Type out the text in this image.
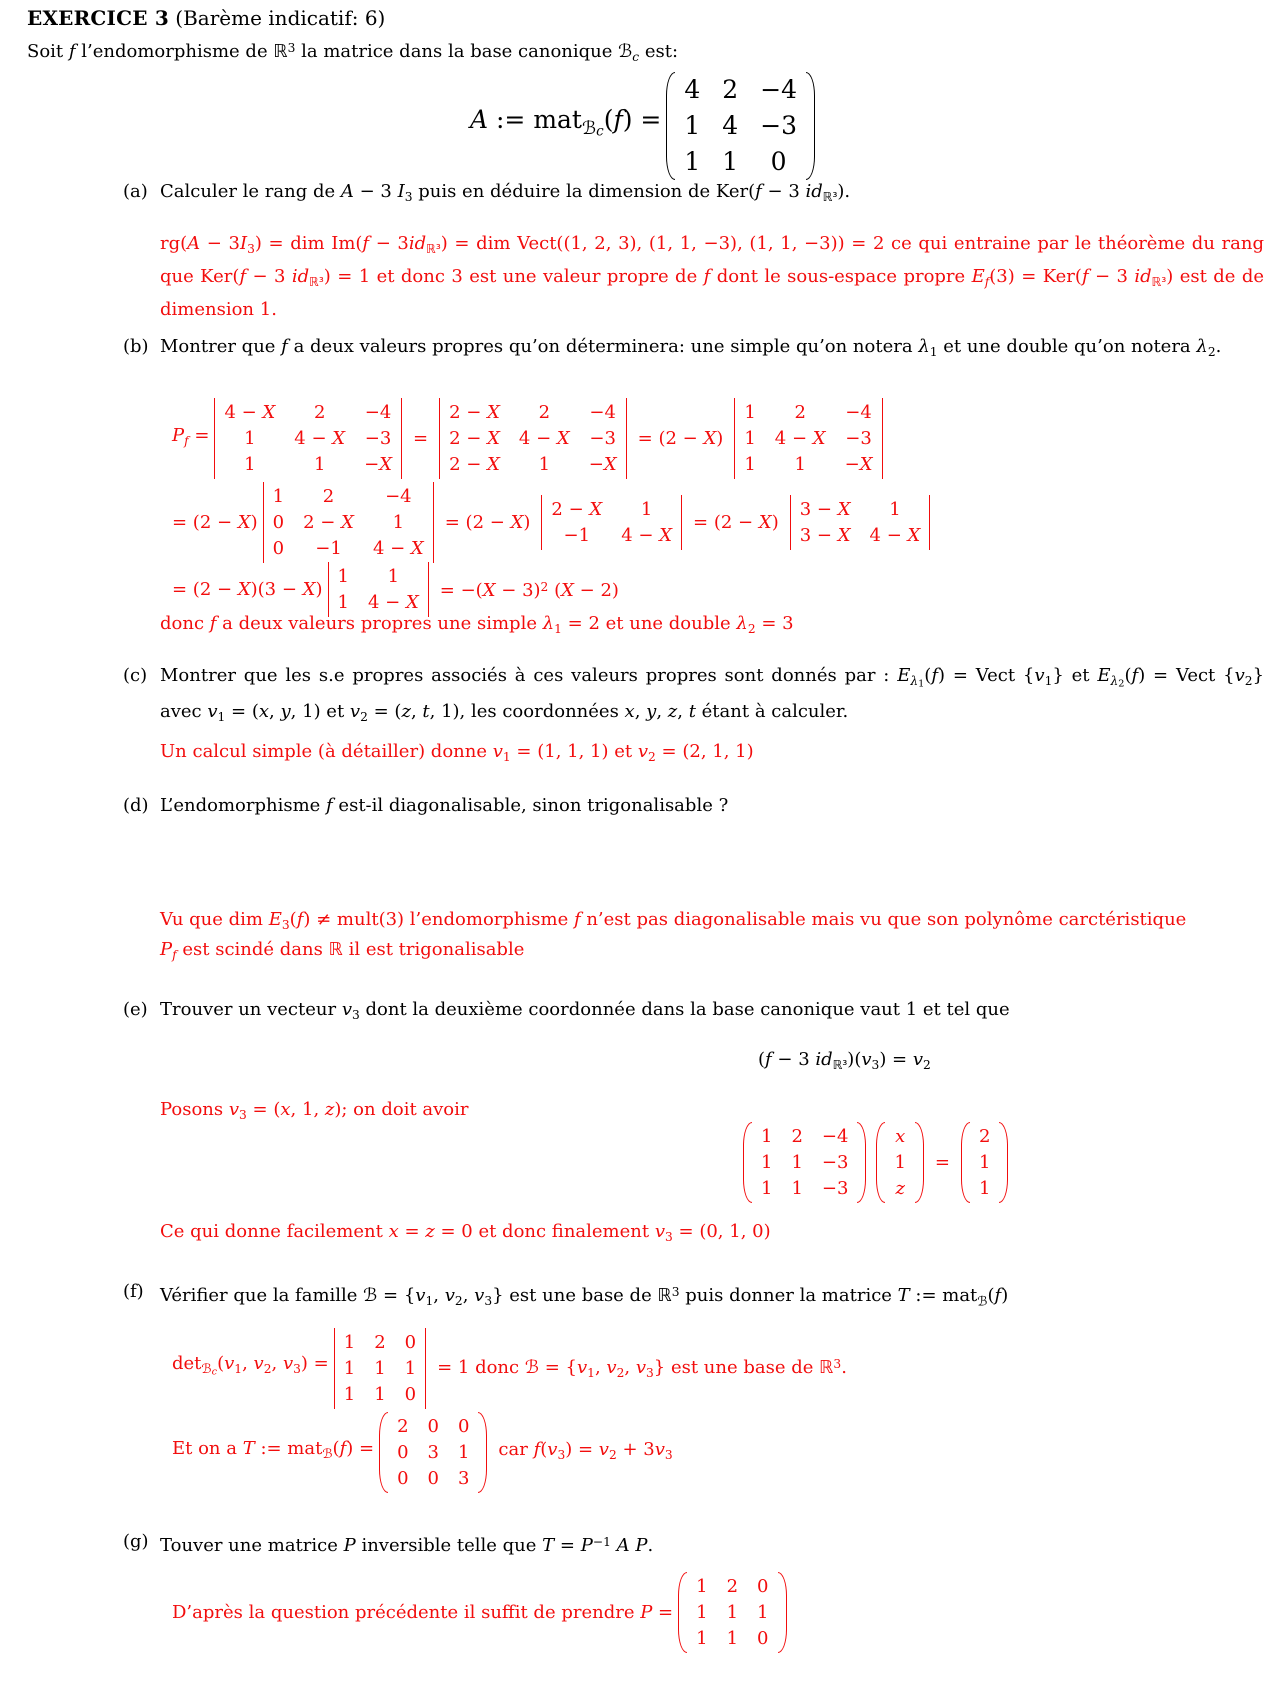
EXERCICE 3 (Barème indicatif: 6)
Soit f l’endomorphisme de ℝ$^3$ la matrice dans la base canonique ℬ$_c$ est:
A := mat$_{ℬc}$(f) =
4 2 −4
1 4 −3
1 1 0
(a) Calculer le rang de A − 3 $I_3$ puis en déduire la dimension de Ker(f − 3 $id_{ℝ^3}$).
$rg(A - 3I_3)$ = dim $Im(f - 3id_{ℝ^3})$ = dim Vect((1, 2, 3), (1, 1, −3), (1, 1, −3)) = 2 ce qui entraine par le théorème du rang que Ker(f − 3 $id_{ℝ^3}) = 1$ et donc 3 est une valeur propre de f dont le sous-espace propre $E_f(3) = Ker(f - 3$ $id_{ℝ^3}$) est de de dimension 1.
(b) Montrer que f a deux valeurs propres qu’on déterminera: une simple qu’on notera $\lambda_1$ et une double qu’on notera $\lambda_2$.
$P_f$ =
4 − X 2 −4
1 4 − X −3
1	1 −X
=
2 − X 2 −4
2 − X 4 − X −3
2 − X 1 −X
= (2 − X)
1 2 −4
1 4 − X −3
1 1 −X
= (2 − X)
1 2	−4
0 2 − X 1
0 −1 4 − X
= (2 − X)
2 − X 1
−1 4 − X
= (2 − X)
3 − X 1
3 − X 4 − X
= (2 − X)(3 − X)
1 1
1 4 − X
= $-(X - 3)^2$ (X − 2)
donc f a deux valeurs propres une simple $\lambda_1 = 2$ et une double $\lambda_2 = 3$
(c) Montrer que les s.e propres associés à ces valeurs propres sont donnés par : $E_{\lambda 1}(f)$ = Vect $\{v_1\}$ et $E_{\lambda 2}(f)$ = Vect $\{v_2\}$ avec $v_1 = (x$, y, 1) et $v_2 = (z$, t, 1), les coordonnées x, y, z, t étant à calculer.
Un calcul simple (à détailler) donne $v_1 = (1$, 1, 1) et $v_2 = (2$, 1, 1)
(d) L’endomorphisme f est-il diagonalisable, sinon trigonalisable ?
Vu que dim $E_3(f)$ ≠ mult(3) l’endomorphisme f n’est pas diagonalisable mais vu que son polynôme carctéristique
$P_f$ est scindé dans ℝ il est trigonalisable
(e) Trouver un vecteur $v_3$ dont la deuxième coordonnée dans la base canonique vaut 1 et tel que
(f − 3 $id_{ℝ^3})(v_3) = v_2$
Posons $v_3 = (x$, 1, z); on doit avoir
1 2 −4
1 1 −3
1 1 −3
x
1
z
=
2
1
1
Ce qui donne facilement x = z = 0 et donc finalement $v_3 = (0$, 1, 0)
(f) Vérifier que la famille ℬ = {$v_1$, $v_2$, $v_3$} est une base de ℝ$^3$ puis donner la matrice T := mat$_ℬ$(f)
$\det_{ℬc}(v_1$, $v_2$, $v_3$) =
1 2 0
1 1 1
1 1 0
= 1 donc ℬ = {$v_1$, $v_2$, $v_3$} est une base de ℝ$^3$.
Et on a T := mat$_ℬ$(f) =
2 0 0
0 3 1
0 0 3
car $f(v_3) = v_2 + 3v_3$
(g) Touver une matrice P inversible telle que $T = P^{-1}$ A P.
D’après la question précédente il suffit de prendre P =
1 2 0
1 1 1
1 1 0
